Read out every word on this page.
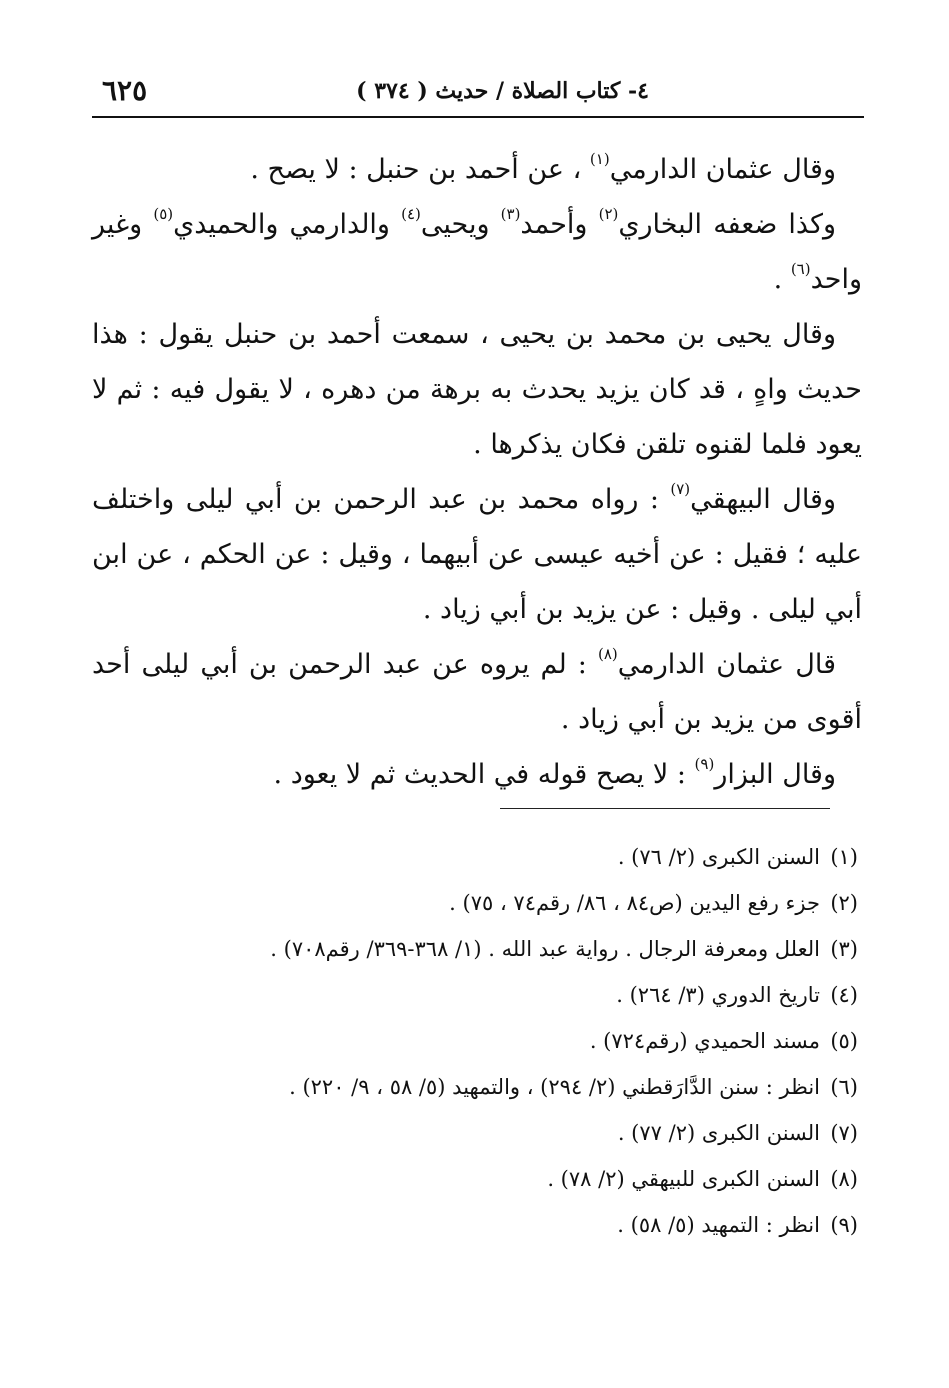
٦٢٥	٤- كتاب الصلاة / حديث ( ٣٧٤ )

وقال عثمان الدارمي$^{(١)}$ ، عن أحمد بن حنبل : لا يصح .

وكذا ضعفه البخاري$^{(٢)}$ وأحمد$^{(٣)}$ ويحيى$^{(٤)}$ والدارمي والحميدي$^{(٥)}$ وغير واحد$^{(٦)}$ .

وقال يحيى بن محمد بن يحيى ، سمعت أحمد بن حنبل يقول : هذا حديث واهٍ ، قد كان يزيد يحدث به برهة من دهره ، لا يقول فيه : ثم لا يعود فلما لقنوه تلقن فكان يذكرها .

وقال البيهقي$^{(٧)}$ : رواه محمد بن عبد الرحمن بن أبي ليلى واختلف عليه ؛ فقيل : عن أخيه عيسى عن أبيهما ، وقيل : عن الحكم ، عن ابن أبي ليلى . وقيل : عن يزيد بن أبي زياد .

قال عثمان الدارمي$^{(٨)}$ : لم يروه عن عبد الرحمن بن أبي ليلى أحد أقوى من يزيد بن أبي زياد .

وقال البزار$^{(٩)}$ : لا يصح قوله في الحديث ثم لا يعود .

(١)السنن الكبرى (٢/ ٧٦) .
(٢)جزء رفع اليدين (ص٨٤ ، ٨٦/ رقم٧٤ ، ٧٥) .
(٣)العلل ومعرفة الرجال . رواية عبد الله . (١/ ٣٦٨-٣٦٩/ رقم٧٠٨) .
(٤)تاريخ الدوري (٣/ ٢٦٤) .
(٥)مسند الحميدي (رقم٧٢٤) .
(٦)انظر : سنن الدَّارَقطني (٢/ ٢٩٤) ، والتمهيد (٥/ ٥٨ ، ٩/ ٢٢٠) .
(٧)السنن الكبرى (٢/ ٧٧) .
(٨)السنن الكبرى للبيهقي (٢/ ٧٨) .
(٩)انظر : التمهيد (٥/ ٥٨) .
